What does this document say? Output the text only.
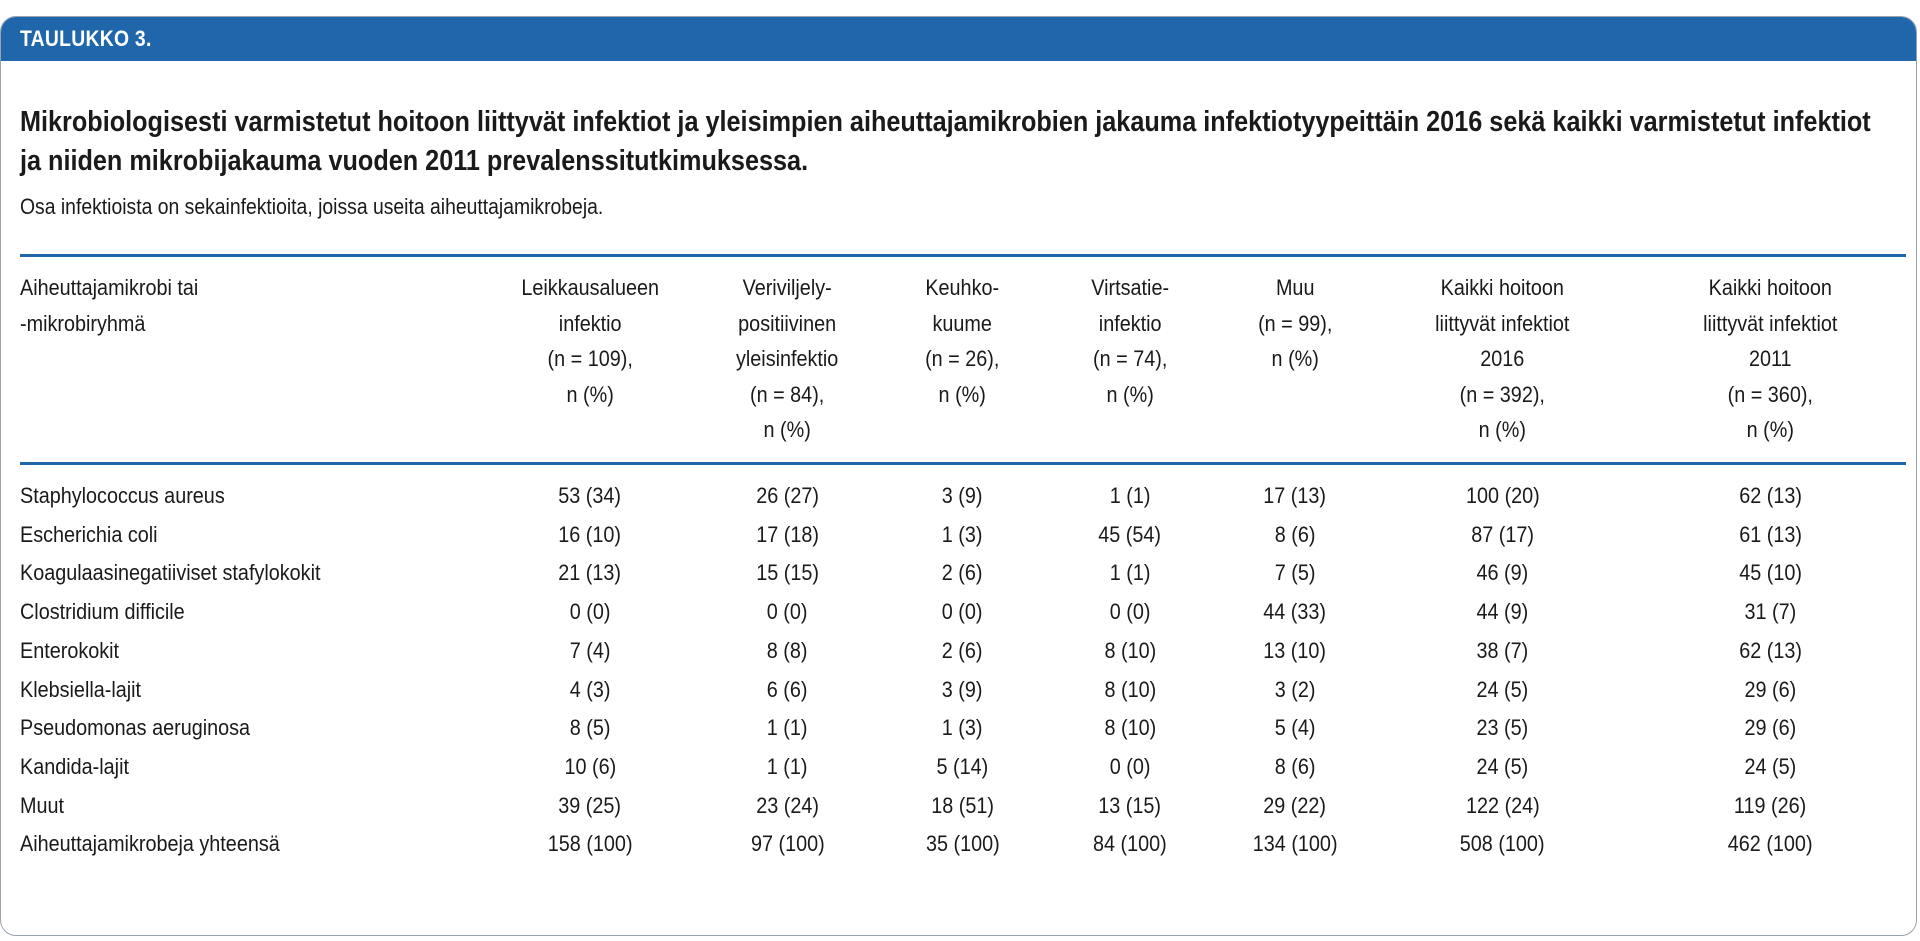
TAULUKKO 3.
Mikrobiologisesti varmistetut hoitoon liittyvät infektiot ja yleisimpien aiheuttajamikrobien jakauma infektiotyypeittäin 2016 sekä kaikki varmistetut infektiot ja niiden mikrobijakauma vuoden 2011 prevalenssitutkimuksessa.
Osa infektioista on sekainfektioita, joissa useita aiheuttajamikrobeja.
Aiheuttajamikrobi tai
-mikrobiryhmä	Leikkausalueen
infektio
(n = 109),
n (%)	Veriviljely-
positiivinen
yleisinfektio
(n = 84),
n (%)	Keuhko-
kuume
(n = 26),
n (%)	Virtsatie-
infektio
(n = 74),
n (%)	Muu
(n = 99),
n (%)	Kaikki hoitoon
liittyvät infektiot
2016
(n = 392),
n (%)	Kaikki hoitoon
liittyvät infektiot
2011
(n = 360),
n (%)

Staphylococcus aureus	53 (34)	26 (27)	3 (9)	1 (1)	17 (13)	100 (20)	62 (13)
Escherichia coli	16 (10)	17 (18)	1 (3)	45 (54)	8 (6)	87 (17)	61 (13)
Koagulaasinegatiiviset stafylokokit	21 (13)	15 (15)	2 (6)	1 (1)	7 (5)	46 (9)	45 (10)
Clostridium difficile	0 (0)	0 (0)	0 (0)	0 (0)	44 (33)	44 (9)	31 (7)
Enterokokit	7 (4)	8 (8)	2 (6)	8 (10)	13 (10)	38 (7)	62 (13)
Klebsiella-lajit	4 (3)	6 (6)	3 (9)	8 (10)	3 (2)	24 (5)	29 (6)
Pseudomonas aeruginosa	8 (5)	1 (1)	1 (3)	8 (10)	5 (4)	23 (5)	29 (6)
Kandida-lajit	10 (6)	1 (1)	5 (14)	0 (0)	8 (6)	24 (5)	24 (5)
Muut	39 (25)	23 (24)	18 (51)	13 (15)	29 (22)	122 (24)	119 (26)
Aiheuttajamikrobeja yhteensä	158 (100)	97 (100)	35 (100)	84 (100)	134 (100)	508 (100)	462 (100)
